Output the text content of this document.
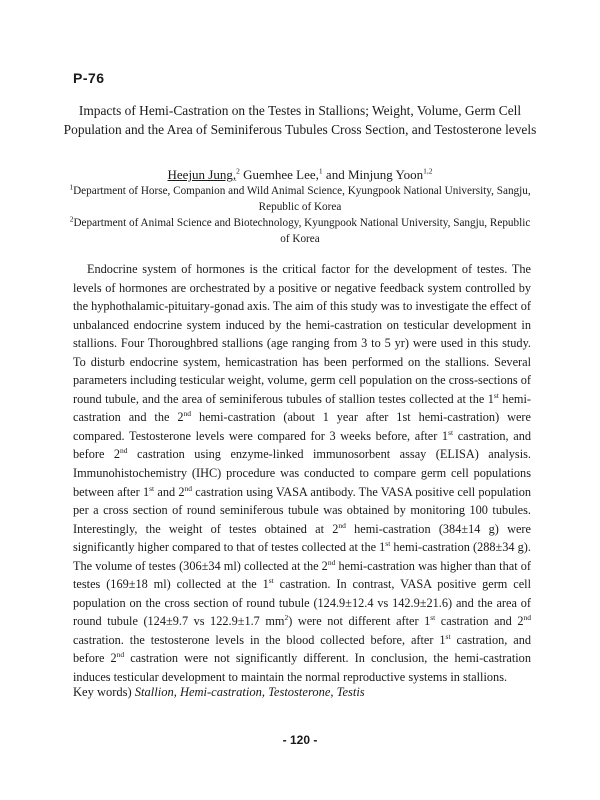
P-76
Impacts of Hemi-Castration on the Testes in Stallions; Weight, Volume, Germ Cell Population and the Area of Seminiferous Tubules Cross Section, and Testosterone levels
Heejun Jung,$^2$ Guemhee Lee,$^1$ and Minjung Yoon$^{1,2}$

$^1$Department of Horse, Companion and Wild Animal Science, Kyungpook National University, Sangju, Republic of Korea

$^2$Department of Animal Science and Biotechnology, Kyungpook National University, Sangju, Republic of Korea

Endocrine system of hormones is the critical factor for the development of testes. The levels of hormones are orchestrated by a positive or negative feedback system controlled by the hyphothalamic-pituitary-gonad axis. The aim of this study was to investigate the effect of unbalanced endocrine system induced by the hemi-castration on testicular development in stallions. Four Thoroughbred stallions (age ranging from 3 to 5 yr) were used in this study. To disturb endocrine system, hemicastration has been performed on the stallions. Several parameters including testicular weight, volume, germ cell population on the cross-sections of round tubule, and the area of seminiferous tubules of stallion testes collected at the 1st hemi-castration and the 2nd hemi-castration (about 1 year after 1st hemi-castration) were compared. Testosterone levels were compared for 3 weeks before, after 1st castration, and before 2nd castration using enzyme-linked immunosorbent assay (ELISA) analysis. Immunohistochemistry (IHC) procedure was conducted to compare germ cell populations between after 1st and 2nd castration using VASA antibody. The VASA positive cell population per a cross section of round seminiferous tubule was obtained by monitoring 100 tubules. Interestingly, the weight of testes obtained at 2nd hemi-castration (384±14 g) were significantly higher compared to that of testes collected at the 1st hemi-castration (288±34 g). The volume of testes (306±34 ml) collected at the 2nd hemi-castration was higher than that of testes (169±18 ml) collected at the 1st castration. In contrast, VASA positive germ cell population on the cross section of round tubule (124.9±12.4 vs 142.9±21.6) and the area of round tubule (124±9.7 vs 122.9±1.7 $mm^2$) were not different after 1st castration and 2nd castration. the testosterone levels in the blood collected before, after 1st castration, and before 2nd castration were not significantly different. In conclusion, the hemi-castration induces testicular development to maintain the normal reproductive systems in stallions.

Key words) Stallion, Hemi-castration, Testosterone, Testis
- 120 -
